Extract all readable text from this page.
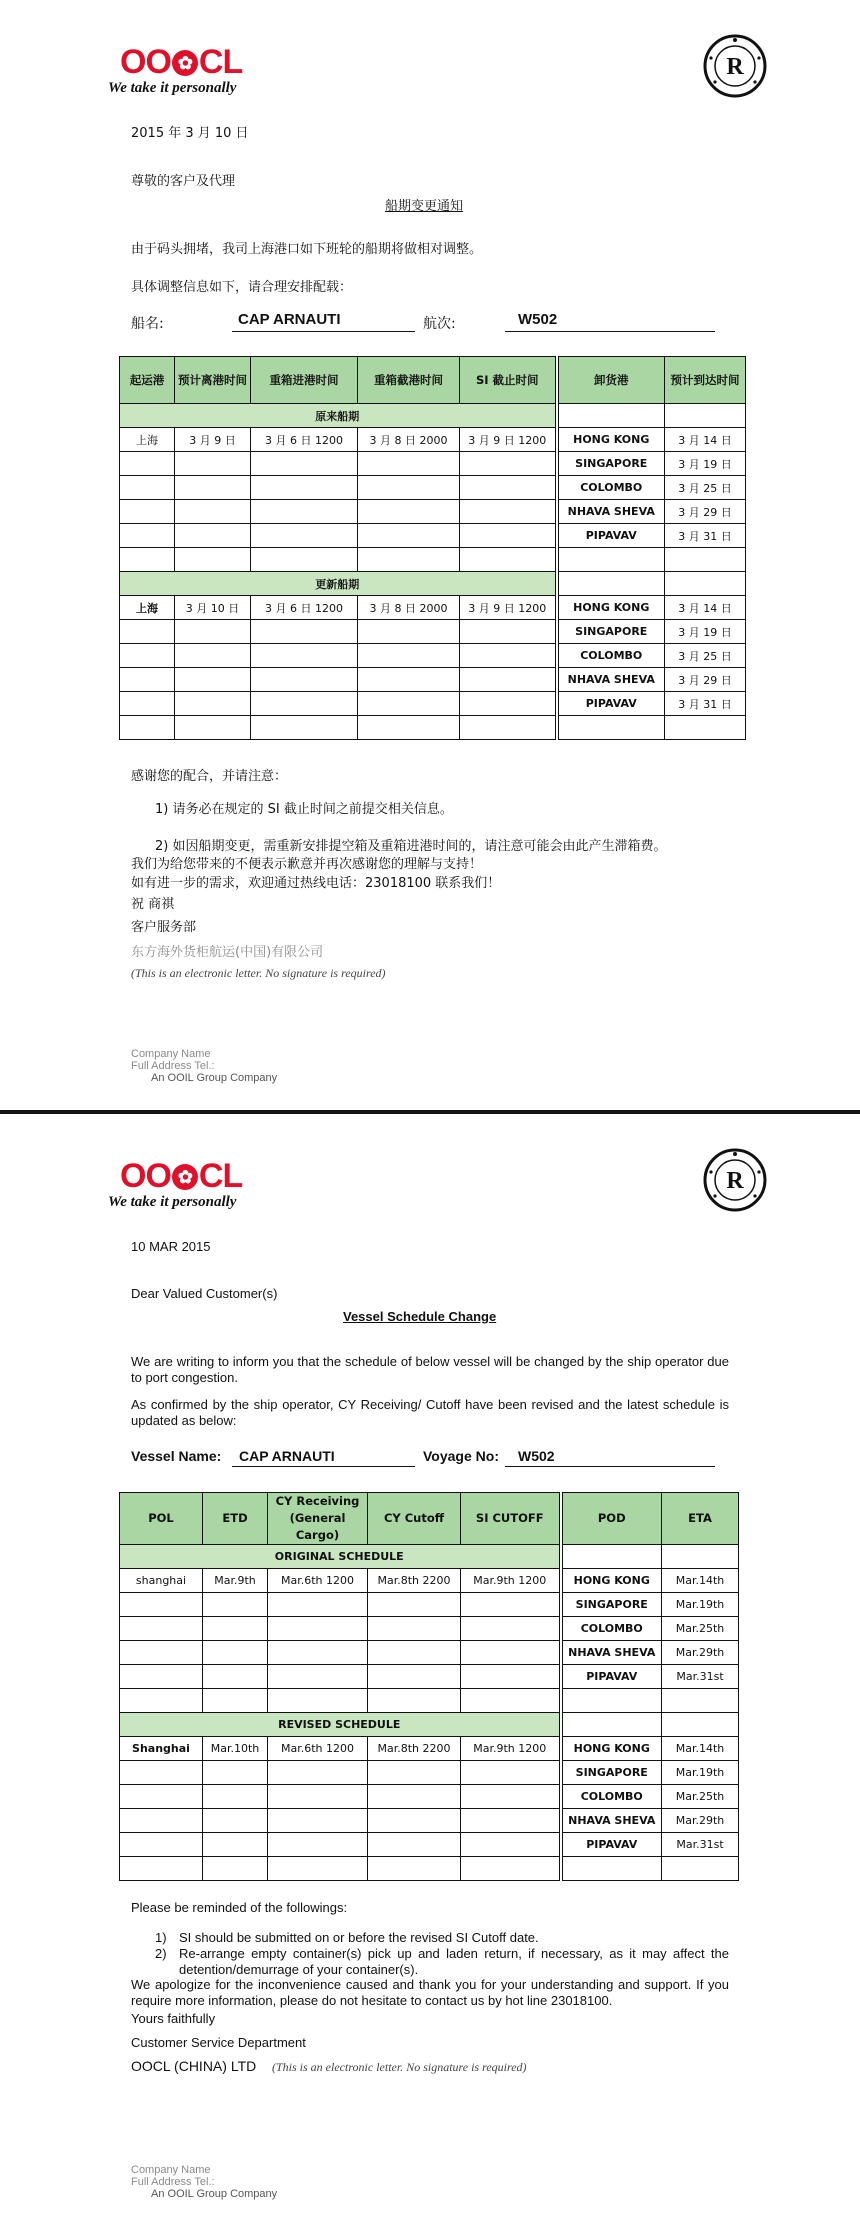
OO ✿ CL
We take it personally
R
2015 年 3 月 10 日
尊敬的客户及代理
船期变更通知
由于码头拥堵，我司上海港口如下班轮的船期将做相对调整。
具体调整信息如下，请合理安排配载：
船名:	CAP ARNAUTI	航次:	W502
起运港	预计离港时间	重箱进港时间	重箱截港时间	SI 截止时间	卸货港	预计到达时间
原来船期						
上海	3 月 9 日	3 月 6 日 1200	3 月 8 日 2000	3 月 9 日 1200	HONG KONG	3 月 14 日
					SINGAPORE	3 月 19 日
					COLOMBO	3 月 25 日
					NHAVA SHEVA	3 月 29 日
					PIPAVAV	3 月 31 日

更新船期						
上海	3 月 10 日	3 月 6 日 1200	3 月 8 日 2000	3 月 9 日 1200	HONG KONG	3 月 14 日
					SINGAPORE	3 月 19 日
					COLOMBO	3 月 25 日
					NHAVA SHEVA	3 月 29 日
					PIPAVAV	3 月 31 日

感谢您的配合，并请注意：
1) 请务必在规定的 SI 截止时间之前提交相关信息。
2) 如因船期变更，需重新安排提空箱及重箱进港时间的，请注意可能会由此产生滞箱费。
我们为给您带来的不便表示歉意并再次感谢您的理解与支持！
如有进一步的需求，欢迎通过热线电话：23018100 联系我们！
祝 商祺
客户服务部
东方海外货柜航运(中国)有限公司
(This is an electronic letter. No signature is required)
Company Name
Full Address Tel.:
An OOIL Group Company
OO ✿ CL
We take it personally
R
10 MAR 2015
Dear Valued Customer(s)
Vessel Schedule Change
We are writing to inform you that the schedule of below vessel will be changed by the ship operator due to port congestion.
As confirmed by the ship operator, CY Receiving/ Cutoff have been revised and the latest schedule is updated as below:
Vessel Name: CAP ARNAUTI	Voyage No: W502
POL	ETD	CY Receiving (General Cargo)	CY Cutoff	SI CUTOFF	POD	ETA
ORIGINAL SCHEDULE						
shanghai	Mar.9th	Mar.6th 1200	Mar.8th 2200	Mar.9th 1200	HONG KONG	Mar.14th
					SINGAPORE	Mar.19th
					COLOMBO	Mar.25th
					NHAVA SHEVA	Mar.29th
					PIPAVAV	Mar.31st

REVISED SCHEDULE						
Shanghai	Mar.10th	Mar.6th 1200	Mar.8th 2200	Mar.9th 1200	HONG KONG	Mar.14th
					SINGAPORE	Mar.19th
					COLOMBO	Mar.25th
					NHAVA SHEVA	Mar.29th
					PIPAVAV	Mar.31st

Please be reminded of the followings:
1) SI should be submitted on or before the revised SI Cutoff date.
2) Re-arrange empty container(s) pick up and laden return, if necessary, as it may affect the detention/demurrage of your container(s).
We apologize for the inconvenience caused and thank you for your understanding and support. If you require more information, please do not hesitate to contact us by hot line 23018100.
Yours faithfully
Customer Service Department
OOCL (CHINA) LTD (This is an electronic letter. No signature is required)
Company Name
Full Address Tel.:
An OOIL Group Company
